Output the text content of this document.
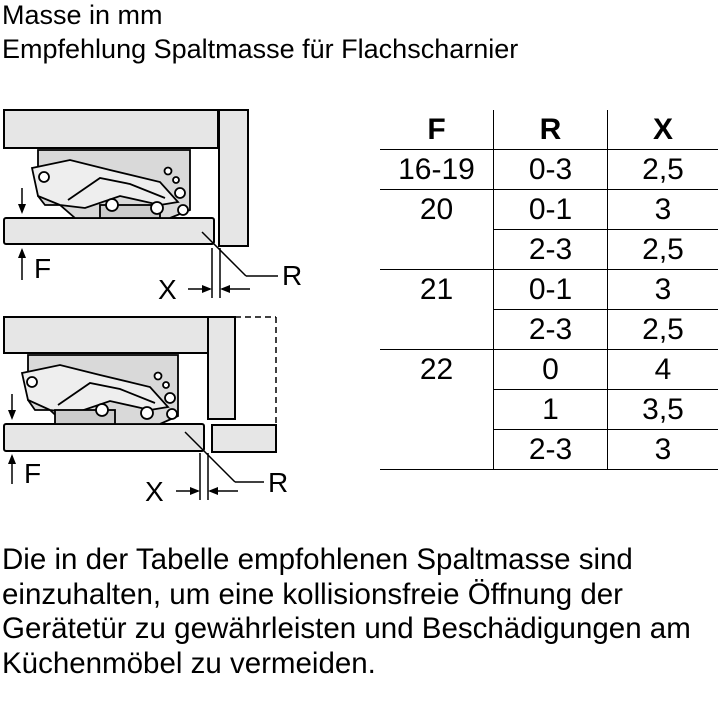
Masse in mm
Empfehlung Spaltmasse für Flachscharnier
F
X	R
F
X	R
F	R	X
16-19	0-3	2,5
20	0-1	3
	2-3	2,5
21	0-1	3
	2-3	2,5
22	0	4
	1	3,5
	2-3	3

Die in der Tabelle empfohlenen Spaltmasse sind einzuhalten, um eine kollisionsfreie Öffnung der Gerätetür zu gewährleisten und Beschädigungen am Küchenmöbel zu vermeiden.
